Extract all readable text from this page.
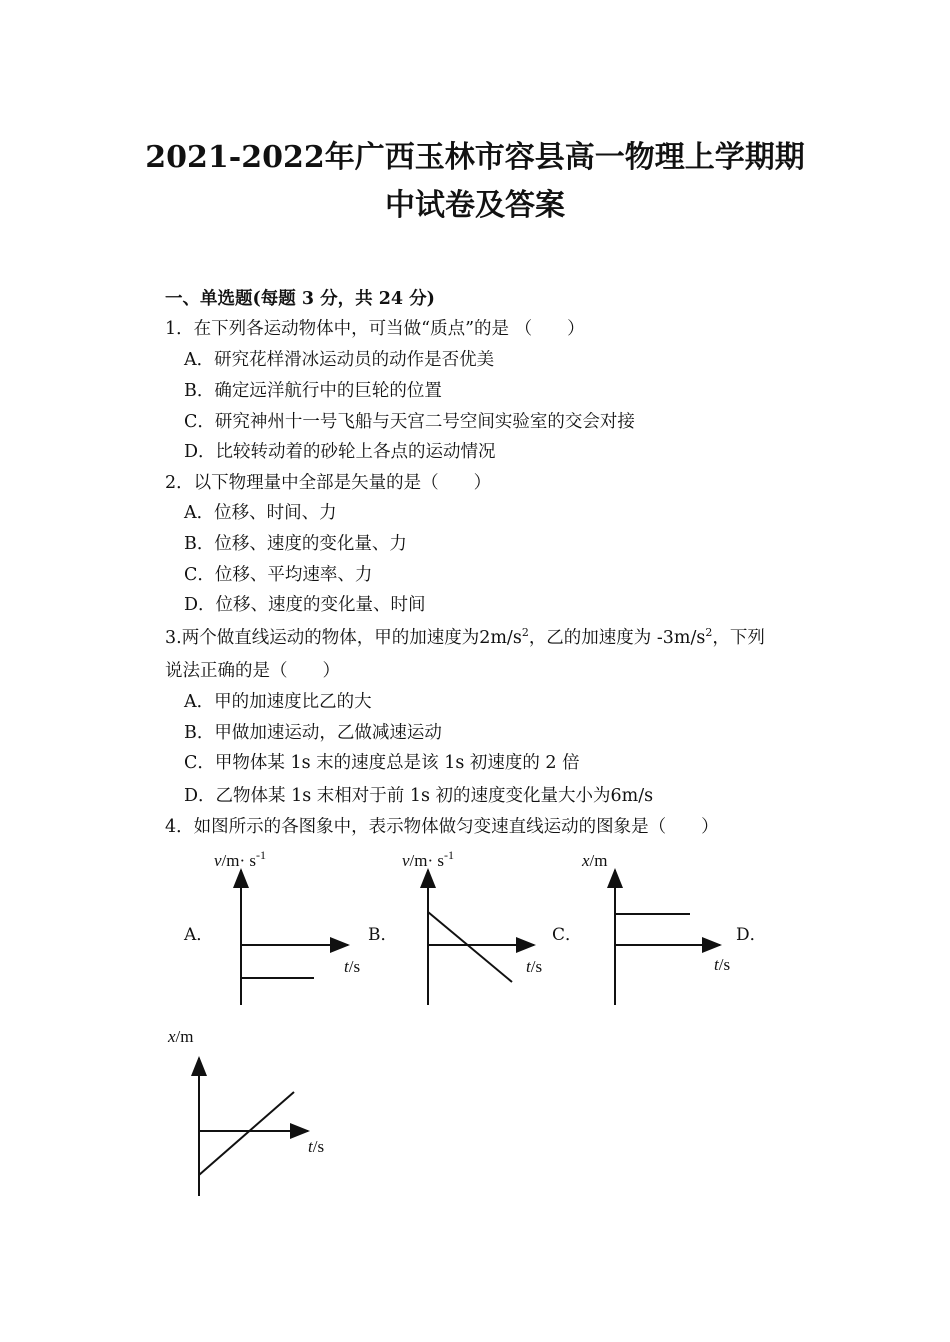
2021-2022年广西玉林市容县高一物理上学期期
中试卷及答案
一、单选题(每题 3 分，共 24 分)
1．在下列各运动物体中，可当做“质点”的是 （　　）
A．研究花样滑冰运动员的动作是否优美
B．确定远洋航行中的巨轮的位置
C．研究神州十一号飞船与天宫二号空间实验室的交会对接
D．比较转动着的砂轮上各点的运动情况
2．以下物理量中全部是矢量的是（　　）
A．位移、时间、力
B．位移、速度的变化量、力
C．位移、平均速率、力
D．位移、速度的变化量、时间
3.两个做直线运动的物体，甲的加速度为$2m/s^2$，乙的加速度为 $-3m/s^2$，下列
说法正确的是（　　）
A．甲的加速度比乙的大
B．甲做加速运动，乙做减速运动
C．甲物体某 1s 末的速度总是该 1s 初速度的 2 倍
D．乙物体某 1s 末相对于前 1s 初的速度变化量大小为6m/s
4．如图所示的各图象中，表示物体做匀变速直线运动的图象是（　　）
A．	B．	C．	D．
$v/m\cdot s^{-1}$
t/s
$v/m\cdot s^{-1}$
t/s
x/m
t/s
x/m
t/s
